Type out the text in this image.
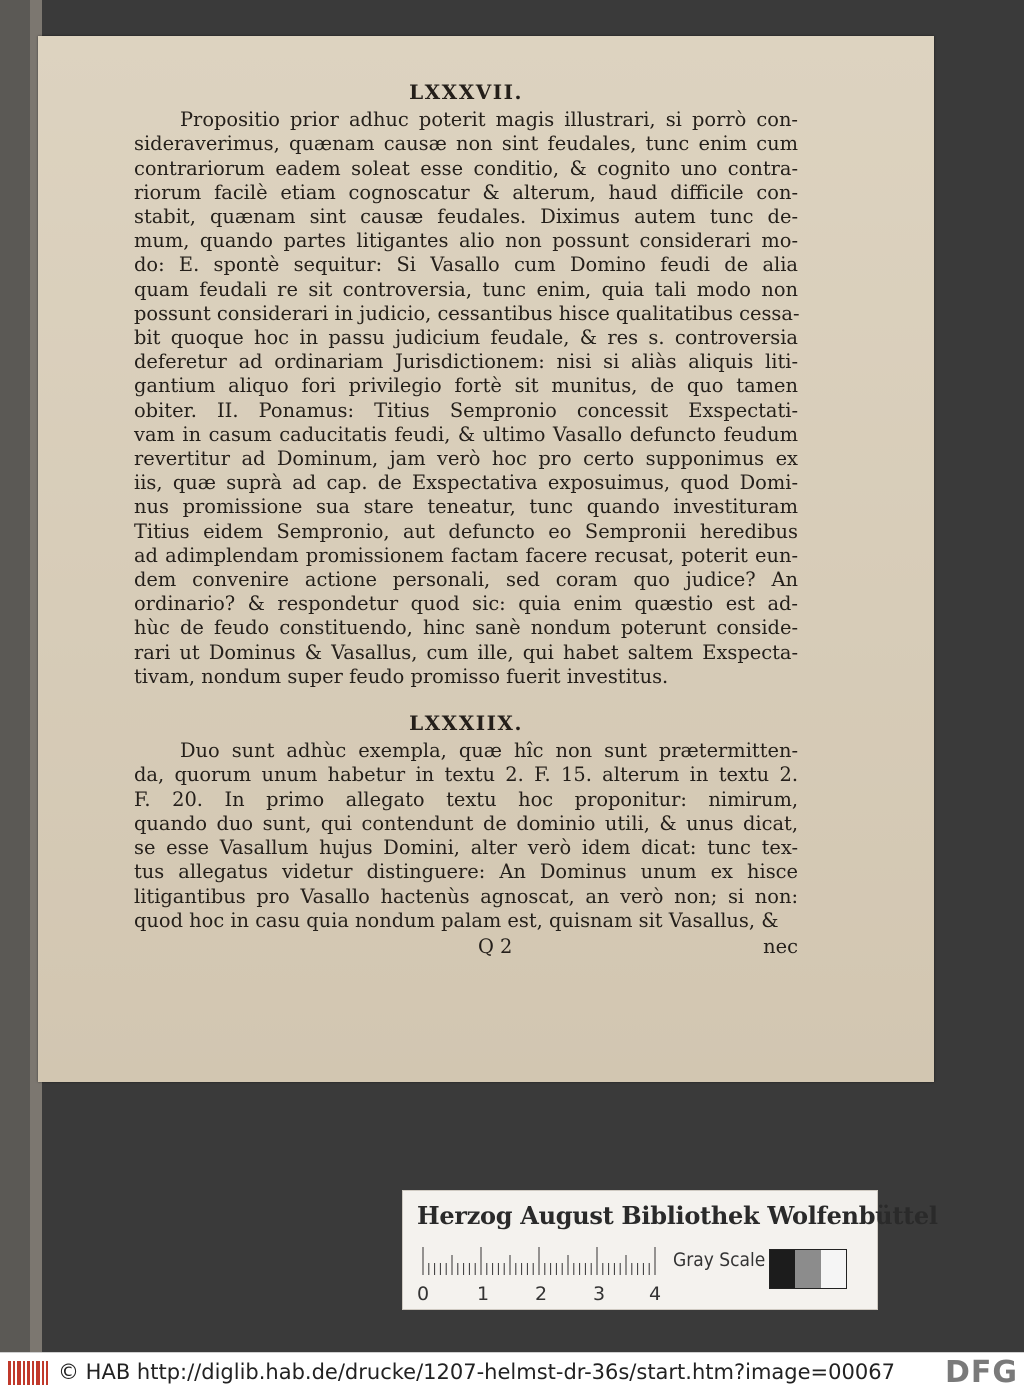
LXXXVII.
Propositio prior adhuc poterit magis illustrari, si porrò con-
sideraverimus, quænam causæ non sint feudales, tunc enim cum
contrariorum eadem soleat esse conditio, & cognito uno contra-
riorum facilè etiam cognoscatur & alterum, haud difficile con-
stabit, quænam sint causæ feudales. Diximus autem tunc de-
mum, quando partes litigantes alio non possunt considerari mo-
do: E. spontè sequitur: Si Vasallo cum Domino feudi de alia
quam feudali re sit controversia, tunc enim, quia tali modo non
possunt considerari in judicio, cessantibus hisce qualitatibus cessa-
bit quoque hoc in passu judicium feudale, & res s. controversia
deferetur ad ordinariam Jurisdictionem: nisi si aliàs aliquis liti-
gantium aliquo fori privilegio fortè sit munitus, de quo tamen
obiter. II. Ponamus: Titius Sempronio concessit Exspectati-
vam in casum caducitatis feudi, & ultimo Vasallo defuncto feudum
revertitur ad Dominum, jam verò hoc pro certo supponimus ex
iis, quæ suprà ad cap. de Exspectativa exposuimus, quod Domi-
nus promissione sua stare teneatur, tunc quando investituram
Titius eidem Sempronio, aut defuncto eo Sempronii heredibus
ad adimplendam promissionem factam facere recusat, poterit eun-
dem convenire actione personali, sed coram quo judice? An
ordinario? & respondetur quod sic: quia enim quæstio est ad-
hùc de feudo constituendo, hinc sanè nondum poterunt conside-
rari ut Dominus & Vasallus, cum ille, qui habet saltem Exspecta-
tivam, nondum super feudo promisso fuerit investitus.
LXXXIIX.
Duo sunt adhùc exempla, quæ hîc non sunt prætermitten-
da, quorum unum habetur in textu 2. F. 15. alterum in textu 2.
F. 20. In primo allegato textu hoc proponitur: nimirum,
quando duo sunt, qui contendunt de dominio utili, & unus dicat,
se esse Vasallum hujus Domini, alter verò idem dicat: tunc tex-
tus allegatus videtur distinguere: An Dominus unum ex hisce
litigantibus pro Vasallo hactenùs agnoscat, an verò non; si non:
quod hoc in casu quia nondum palam est, quisnam sit Vasallus, &
Q 2	nec
Herzog August Bibliothek Wolfenbüttel
0	1 2 3 4
Gray Scale
© HAB http://diglib.hab.de/drucke/1207-helmst-dr-36s/start.htm?image=00067 DFG
